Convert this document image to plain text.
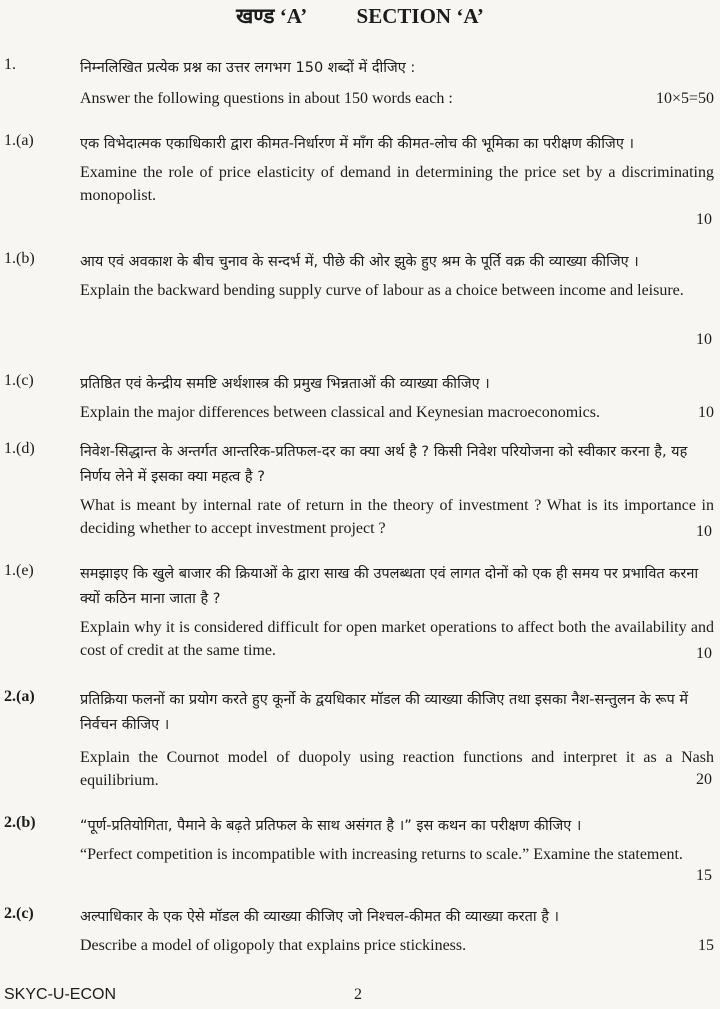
खण्ड ‘A’ SECTION ‘A’
1.	निम्नलिखित प्रत्येक प्रश्न का उत्तर लगभग 150 शब्दों में दीजिए :

10×5=50
Answer the following questions in about 150 words each :

1.(a)	एक विभेदात्मक एकाधिकारी द्वारा कीमत-निर्धारण में माँग की कीमत-लोच की भूमिका का परीक्षण कीजिए ।

Examine the role of price elasticity of demand in determining the price set by a discriminating monopolist.
10

1.(b)	आय एवं अवकाश के बीच चुनाव के सन्दर्भ में, पीछे की ओर झुके हुए श्रम के पूर्ति वक्र की व्याख्या कीजिए ।

Explain the backward bending supply curve of labour as a choice between income and leisure.
10

1.(c)	प्रतिष्ठित एवं केन्द्रीय समष्टि अर्थशास्त्र की प्रमुख भिन्नताओं की व्याख्या कीजिए ।

10
Explain the major differences between classical and Keynesian macroeconomics.

1.(d)	निवेश-सिद्धान्त के अन्तर्गत आन्तरिक-प्रतिफल-दर का क्या अर्थ है ? किसी निवेश परियोजना को स्वीकार करना है, यह निर्णय लेने में इसका क्या महत्व है ?

What is meant by internal rate of return in the theory of investment ? What is its importance in deciding whether to accept investment project ?	10

1.(e)	समझाइए कि खुले बाजार की क्रियाओं के द्वारा साख की उपलब्धता एवं लागत दोनों को एक ही समय पर प्रभावित करना क्यों कठिन माना जाता है ?

Explain why it is considered difficult for open market operations to affect both the availability and cost of credit at the same time.	10

2.(a)	प्रतिक्रिया फलनों का प्रयोग करते हुए कूर्नो के द्वयधिकार मॉडल की व्याख्या कीजिए तथा इसका नैश-सन्तुलन के रूप में निर्वचन कीजिए ।

Explain the Cournot model of duopoly using reaction functions and interpret it as a Nash equilibrium.	20

2.(b)	“पूर्ण-प्रतियोगिता, पैमाने के बढ़ते प्रतिफल के साथ असंगत है ।” इस कथन का परीक्षण कीजिए ।

“Perfect competition is incompatible with increasing returns to scale.” Examine the statement.
15

2.(c)	अल्पाधिकार के एक ऐसे मॉडल की व्याख्या कीजिए जो निश्चल-कीमत की व्याख्या करता है ।

15
Describe a model of oligopoly that explains price stickiness.

SKYC-U-ECON	2
